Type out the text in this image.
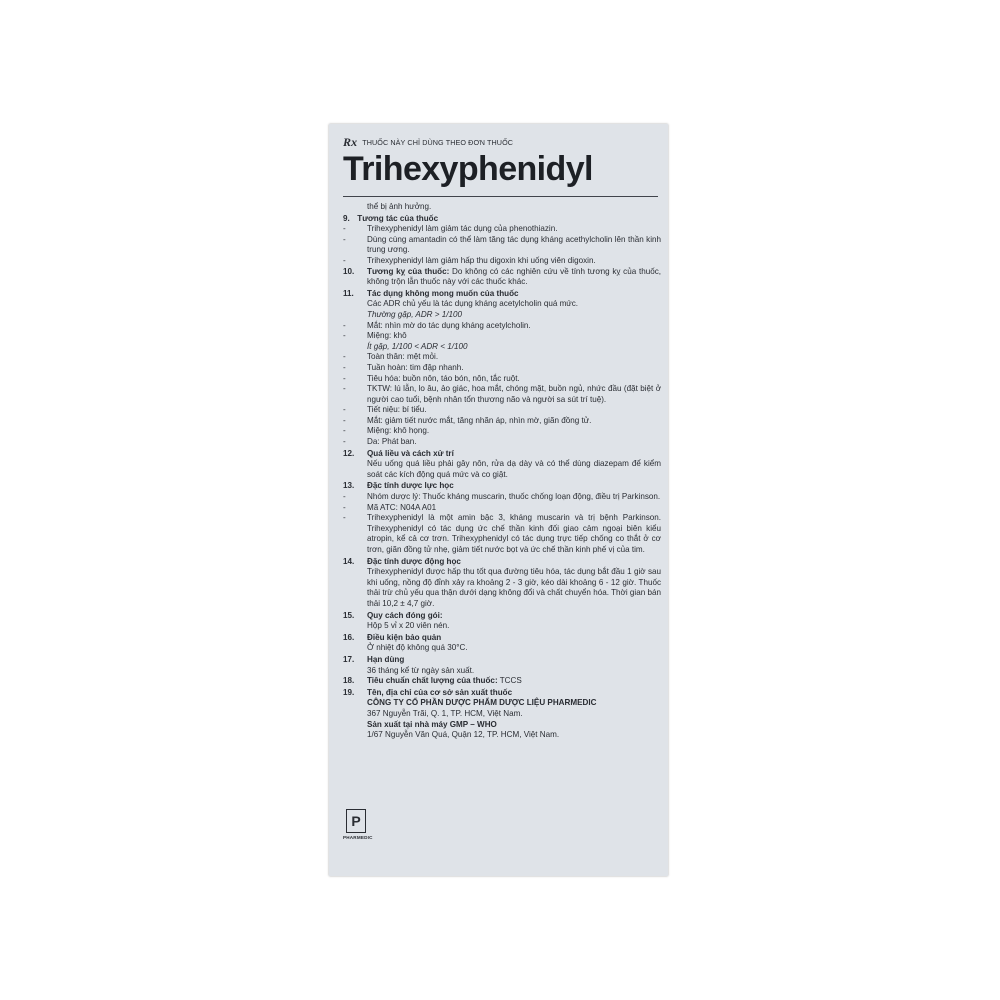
Rx THUỐC NÀY CHỈ DÙNG THEO ĐƠN THUỐC
Trihexyphenidyl
thể bị ảnh hưởng.
9. Tương tác của thuốc
-	Trihexyphenidyl làm giảm tác dụng của phenothiazin.
-	Dùng cùng amantadin có thể làm tăng tác dụng kháng acethylcholin lên thần kinh trung ương.
-	Trihexyphenidyl làm giảm hấp thu digoxin khi uống viên digoxin.
10.	Tương kỵ của thuốc: Do không có các nghiên cứu về tính tương kỵ của thuốc, không trộn lẫn thuốc này với các thuốc khác.
11.	Tác dụng không mong muốn của thuốc
Các ADR chủ yếu là tác dụng kháng acetylcholin quá mức.
Thường gặp, ADR > 1/100
-	Mắt: nhìn mờ do tác dụng kháng acetylcholin.
-	Miệng: khô
Ít gặp, 1/100 < ADR < 1/100
-	Toàn thân: mệt mỏi.
-	Tuần hoàn: tim đập nhanh.
-	Tiêu hóa: buồn nôn, táo bón, nôn, tắc ruột.
-	TKTW: lú lẫn, lo âu, ảo giác, hoa mắt, chóng mặt, buồn ngủ, nhức đầu (đặt biệt ở người cao tuổi, bệnh nhân tổn thương não và người sa sút trí tuệ).
-	Tiết niệu: bí tiểu.
-	Mắt: giảm tiết nước mắt, tăng nhãn áp, nhìn mờ, giãn đồng tử.
-	Miệng: khô họng.
-	Da: Phát ban.
12.	Quá liều và cách xử trí
Nếu uống quá liều phải gây nôn, rửa dạ dày và có thể dùng diazepam để kiểm soát các kích động quá mức và co giật.
13.	Đặc tính dược lực học
-	Nhóm dược lý: Thuốc kháng muscarin, thuốc chống loạn động, điều trị Parkinson.
-	Mã ATC: N04A A01
-	Trihexyphenidyl là một amin bậc 3, kháng muscarin và trị bệnh Parkinson. Trihexyphenidyl có tác dụng ức chế thần kinh đối giao cảm ngoại biên kiểu atropin, kể cả cơ trơn. Trihexyphenidyl có tác dụng trực tiếp chống co thắt ở cơ trơn, giãn đồng tử nhẹ, giảm tiết nước bọt và ức chế thần kinh phế vị của tim.
14.	Đặc tính dược động học
Trihexyphenidyl được hấp thu tốt qua đường tiêu hóa, tác dụng bắt đầu 1 giờ sau khi uống, nồng độ đỉnh xảy ra khoảng 2 - 3 giờ, kéo dài khoảng 6 - 12 giờ. Thuốc thải trừ chủ yếu qua thận dưới dạng không đổi và chất chuyển hóa. Thời gian bán thải 10,2 ± 4,7 giờ.
15.	Quy cách đóng gói:
Hộp 5 vỉ x 20 viên nén.
16.	Điều kiện bảo quản
Ở nhiệt độ không quá 30°C.
17.	Hạn dùng
36 tháng kể từ ngày sản xuất.
18.	Tiêu chuẩn chất lượng của thuốc: TCCS
19.	Tên, địa chỉ của cơ sở sản xuất thuốc
CÔNG TY CỔ PHẦN DƯỢC PHẨM DƯỢC LIỆU PHARMEDIC
367 Nguyễn Trãi, Q. 1, TP. HCM, Việt Nam.
Sản xuất tại nhà máy GMP – WHO
1/67 Nguyễn Văn Quá, Quận 12, TP. HCM, Việt Nam.
P
PHARMEDIC
